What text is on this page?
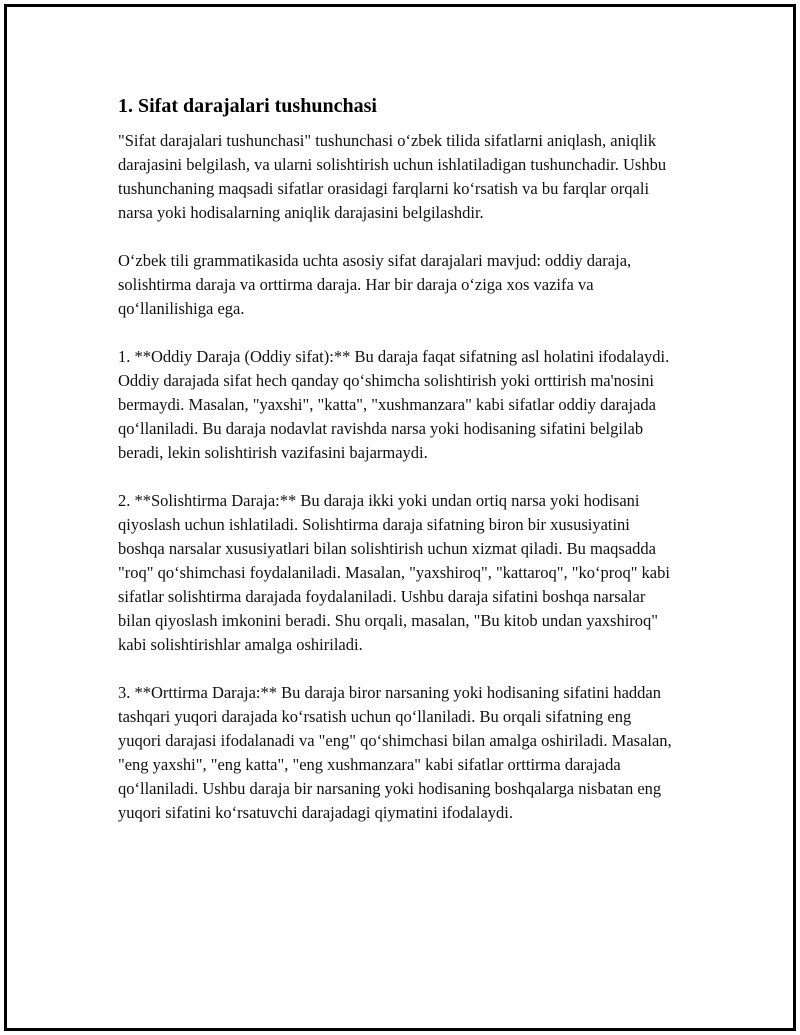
1. Sifat darajalari tushunchasi

"Sifat darajalari tushunchasi" tushunchasi o‘zbek tilida sifatlarni aniqlash, aniqlik darajasini belgilash, va ularni solishtirish uchun ishlatiladigan tushunchadir. Ushbu tushunchaning maqsadi sifatlar orasidagi farqlarni ko‘rsatish va bu farqlar orqali narsa yoki hodisalarning aniqlik darajasini belgilashdir.

O‘zbek tili grammatikasida uchta asosiy sifat darajalari mavjud: oddiy daraja, solishtirma daraja va orttirma daraja. Har bir daraja o‘ziga xos vazifa va qo‘llanilishiga ega.

1. **Oddiy Daraja (Oddiy sifat):** Bu daraja faqat sifatning asl holatini ifodalaydi. Oddiy darajada sifat hech qanday qo‘shimcha solishtirish yoki orttirish ma'nosini bermaydi. Masalan, "yaxshi", "katta", "xushmanzara" kabi sifatlar oddiy darajada qo‘llaniladi. Bu daraja nodavlat ravishda narsa yoki hodisaning sifatini belgilab beradi, lekin solishtirish vazifasini bajarmaydi.

2. **Solishtirma Daraja:** Bu daraja ikki yoki undan ortiq narsa yoki hodisani qiyoslash uchun ishlatiladi. Solishtirma daraja sifatning biron bir xususiyatini boshqa narsalar xususiyatlari bilan solishtirish uchun xizmat qiladi. Bu maqsadda "roq" qo‘shimchasi foydalaniladi. Masalan, "yaxshiroq", "kattaroq", "ko‘proq" kabi sifatlar solishtirma darajada foydalaniladi. Ushbu daraja sifatini boshqa narsalar bilan qiyoslash imkonini beradi. Shu orqali, masalan, "Bu kitob undan yaxshiroq" kabi solishtirishlar amalga oshiriladi.

3. **Orttirma Daraja:** Bu daraja biror narsaning yoki hodisaning sifatini haddan tashqari yuqori darajada ko‘rsatish uchun qo‘llaniladi. Bu orqali sifatning eng yuqori darajasi ifodalanadi va "eng" qo‘shimchasi bilan amalga oshiriladi. Masalan, "eng yaxshi", "eng katta", "eng xushmanzara" kabi sifatlar orttirma darajada qo‘llaniladi. Ushbu daraja bir narsaning yoki hodisaning boshqalarga nisbatan eng yuqori sifatini ko‘rsatuvchi darajadagi qiymatini ifodalaydi.
